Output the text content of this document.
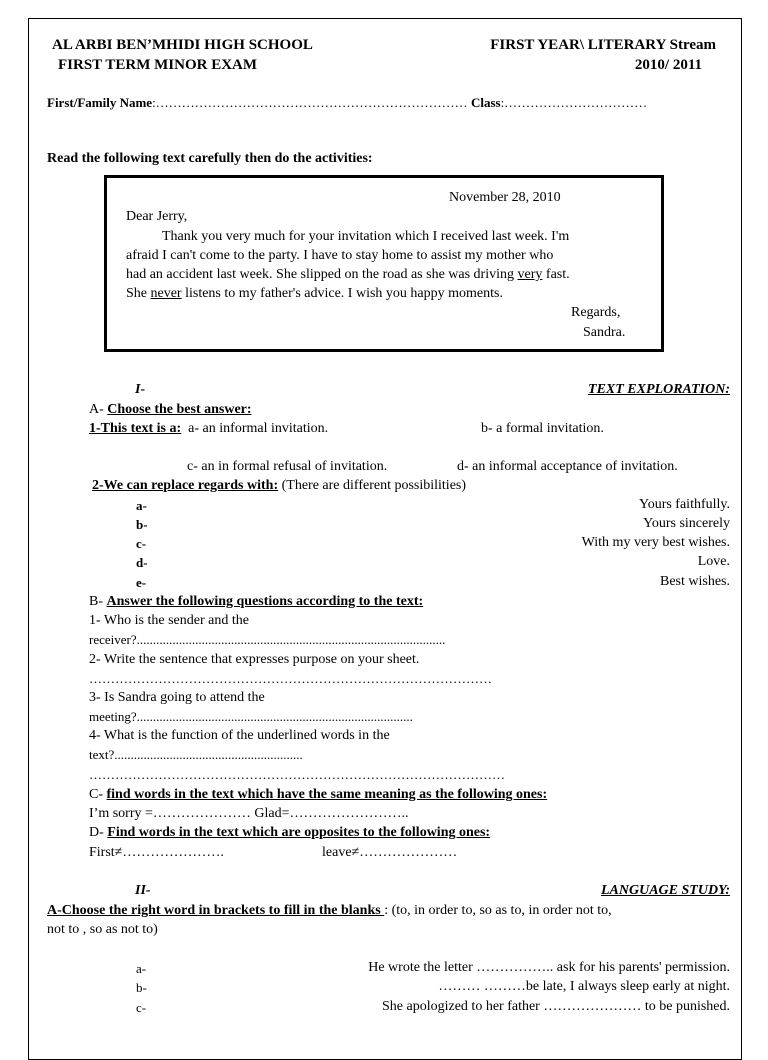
AL ARBI BEN’MHIDI HIGH SCHOOL	FIRST YEAR\ LITERARY Stream
FIRST TERM MINOR EXAM	2010/ 2011
First/Family Name:……………………………………………………………… Class:……………………………
Read the following text carefully then do the activities:
November 28, 2010
Dear Jerry,
Thank you very much for your invitation which I received last week. I'm
afraid I can't come to the party. I have to stay home to assist my mother who
had an accident last week. She slipped on the road as she was driving very fast.
She never listens to my father's advice. I wish you happy moments.
Regards,
Sandra.
I-	TEXT EXPLORATION:
A- Choose the best answer:
1-This text is a: a- an informal invitation.	b- a formal invitation.
c- an in formal refusal of invitation.	d- an informal acceptance of invitation.
2-We can replace regards with: (There are different possibilities)
a-	Yours faithfully.
b-	Yours sincerely
c-	With my very best wishes.
d-	Love.
e-	Best wishes.
B- Answer the following questions according to the text:
1- Who is the sender and the
receiver?...............................................................................................
2- Write the sentence that expresses purpose on your sheet.
…………………………………………………………………………………
3- Is Sandra going to attend the
meeting?.....................................................................................
4- What is the function of the underlined words in the
text?..........................................................
……………………………………………………………………………………
C- find words in the text which have the same meaning as the following ones:
I’m sorry =………………… Glad=……………………..
D- Find words in the text which are opposites to the following ones:
First≠………………….	leave≠…………………
II-	LANGUAGE STUDY:
A-Choose the right word in brackets to fill in the blanks : (to, in order to, so as to, in order not to,
not to , so as not to)
a-	He wrote the letter …………….. ask for his parents' permission.
b-	……… ………be late, I always sleep early at night.
c-	She apologized to her father ………………… to be punished.
